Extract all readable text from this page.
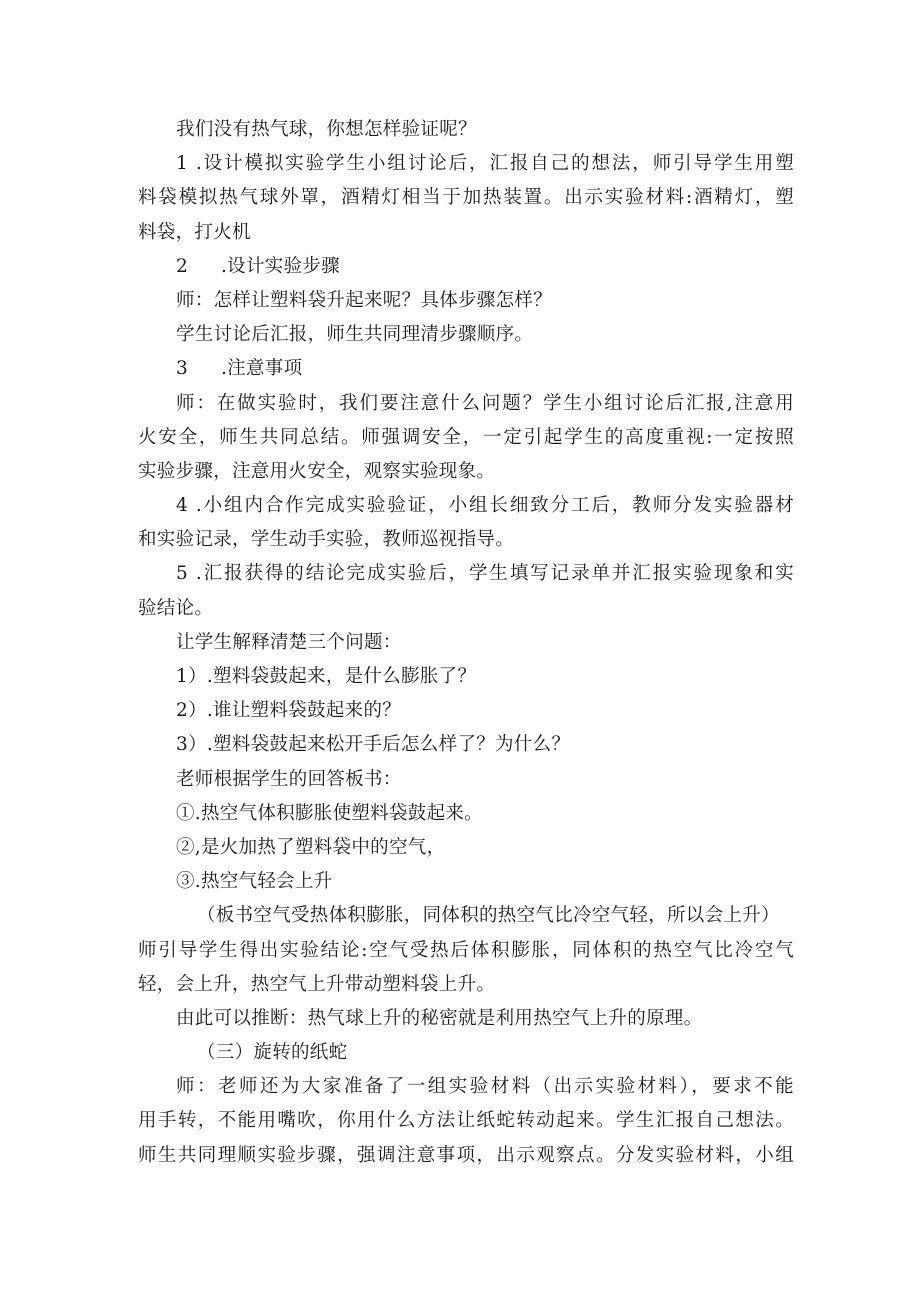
我们没有热气球，你想怎样验证呢？
1 .设计模拟实验学生小组讨论后，汇报自己的想法，师引导学生用塑
料袋模拟热气球外罩，酒精灯相当于加热装置。出示实验材料:酒精灯，塑
料袋，打火机
2 .设计实验步骤
师：怎样让塑料袋升起来呢？具体步骤怎样？
学生讨论后汇报，师生共同理清步骤顺序。
3 .注意事项
师：在做实验时，我们要注意什么问题？学生小组讨论后汇报,注意用
火安全，师生共同总结。师强调安全，一定引起学生的高度重视:一定按照
实验步骤，注意用火安全，观察实验现象。
4 .小组内合作完成实验验证，小组长细致分工后，教师分发实验器材
和实验记录，学生动手实验，教师巡视指导。
5 .汇报获得的结论完成实验后，学生填写记录单并汇报实验现象和实
验结论。
让学生解释清楚三个问题：
1）.塑料袋鼓起来，是什么膨胀了？
2）.谁让塑料袋鼓起来的？
3）.塑料袋鼓起来松开手后怎么样了？为什么？
老师根据学生的回答板书：
①.热空气体积膨胀使塑料袋鼓起来。
②,是火加热了塑料袋中的空气，
③.热空气轻会上升
（板书空气受热体积膨胀，同体积的热空气比冷空气轻，所以会上升）
师引导学生得出实验结论:空气受热后体积膨胀，同体积的热空气比冷空气
轻，会上升，热空气上升带动塑料袋上升。
由此可以推断：热气球上升的秘密就是利用热空气上升的原理。
（三）旋转的纸蛇
师：老师还为大家准备了一组实验材料（出示实验材料），要求不能
用手转，不能用嘴吹，你用什么方法让纸蛇转动起来。学生汇报自己想法。
师生共同理顺实验步骤，强调注意事项，出示观察点。分发实验材料，小组
